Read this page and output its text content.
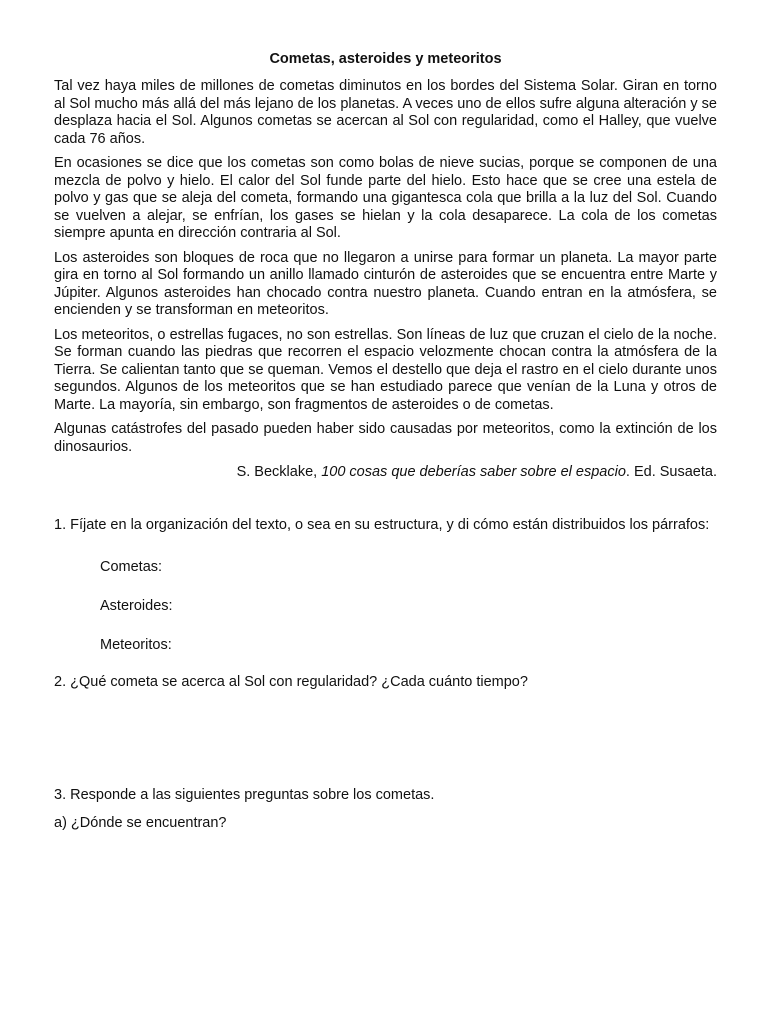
Cometas, asteroides y meteoritos

Tal vez haya miles de millones de cometas diminutos en los bordes del Sistema Solar. Giran en torno al Sol mucho más allá del más lejano de los planetas. A veces uno de ellos sufre alguna alteración y se desplaza hacia el Sol. Algunos cometas se acercan al Sol con regularidad, como el Halley, que vuelve cada 76 años.

En ocasiones se dice que los cometas son como bolas de nieve sucias, porque se componen de una mezcla de polvo y hielo. El calor del Sol funde parte del hielo. Esto hace que se cree una estela de polvo y gas que se aleja del cometa, formando una gigantesca cola que brilla a la luz del Sol. Cuando se vuelven a alejar, se enfrían, los gases se hielan y la cola desaparece. La cola de los cometas siempre apunta en dirección contraria al Sol.

Los asteroides son bloques de roca que no llegaron a unirse para formar un planeta. La mayor parte gira en torno al Sol formando un anillo llamado cinturón de asteroides que se encuentra entre Marte y Júpiter. Algunos asteroides han chocado contra nuestro planeta. Cuando entran en la atmósfera, se encienden y se transforman en meteoritos.

Los meteoritos, o estrellas fugaces, no son estrellas. Son líneas de luz que cruzan el cielo de la noche. Se forman cuando las piedras que recorren el espacio velozmente chocan contra la atmósfera de la Tierra. Se calientan tanto que se queman. Vemos el destello que deja el rastro en el cielo durante unos segundos. Algunos de los meteoritos que se han estudiado parece que venían de la Luna y otros de Marte. La mayoría, sin embargo, son fragmentos de asteroides o de cometas.

Algunas catástrofes del pasado pueden haber sido causadas por meteoritos, como la extinción de los dinosaurios.

S. Becklake, 100 cosas que deberías saber sobre el espacio. Ed. Susaeta.

1. Fíjate en la organización del texto, o sea en su estructura, y di cómo están distribuidos los párrafos:

Cometas:

Asteroides:

Meteoritos:

2. ¿Qué cometa se acerca al Sol con regularidad? ¿Cada cuánto tiempo?

3. Responde a las siguientes preguntas sobre los cometas.

a) ¿Dónde se encuentran?
